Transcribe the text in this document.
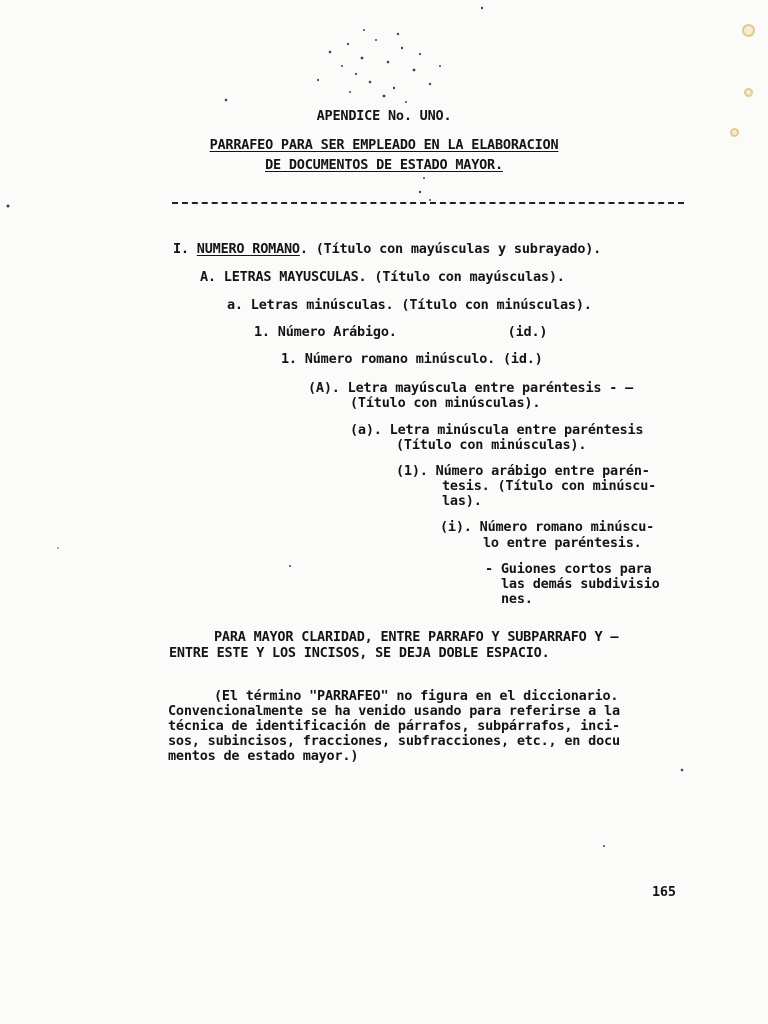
APENDICE No. UNO.
PARRAFEO PARA SER EMPLEADO EN LA ELABORACION
DE DOCUMENTOS DE ESTADO MAYOR.
I. NUMERO ROMANO. (Título con mayúsculas y subrayado).
A. LETRAS MAYUSCULAS. (Título con mayúsculas).
a. Letras minúsculas. (Título con minúsculas).
1. Número Arábigo.              (id.)
1. Número romano minúsculo. (id.)
(A). Letra mayúscula entre paréntesis - —
(Título con minúsculas).
(a). Letra minúscula entre paréntesis
(Título con minúsculas).
(1). Número arábigo entre parén-
tesis. (Título con minúscu-
las).
(i). Número romano minúscu-
lo entre paréntesis.
- Guiones cortos para
las demás subdivisio
nes.
PARA MAYOR CLARIDAD, ENTRE PARRAFO Y SUBPARRAFO Y —
ENTRE ESTE Y LOS INCISOS, SE DEJA DOBLE ESPACIO.
(El término "PARRAFEO" no figura en el diccionario.
Convencionalmente se ha venido usando para referirse a la
técnica de identificación de párrafos, subpárrafos, inci-
sos, subincisos, fracciones, subfracciones, etc., en docu
mentos de estado mayor.)
165
